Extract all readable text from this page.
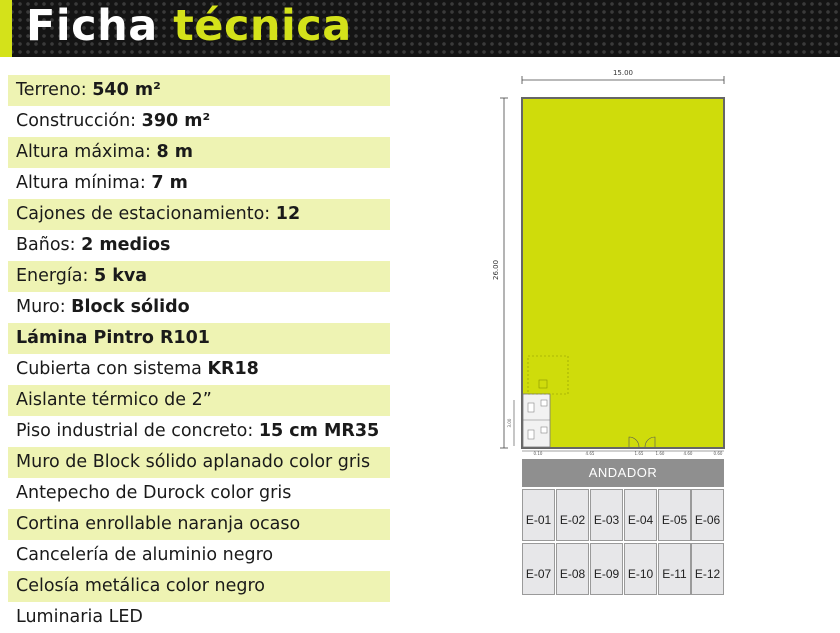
Ficha técnica
Terreno: 540 m²
Construcción: 390 m²
Altura máxima: 8 m
Altura mínima: 7 m
Cajones de estacionamiento: 12
Baños: 2 medios
Energía: 5 kva
Muro: Block sólido
Lámina Pintro R101
Cubierta con sistema KR18
Aislante térmico de 2”
Piso industrial de concreto: 15 cm MR35
Muro de Block sólido aplanado color gris
Antepecho de Durock color gris
Cortina enrollable naranja ocaso
Cancelería de aluminio negro
Celosía metálica color negro
Luminaria LED
15.00
26.00
3.00
0.10	4.65	1.65	1.60	4.60	0.60
ANDADOR
E-01 E-02 E-03 E-04 E-05 E-06
E-07 E-08 E-09 E-10 E-11 E-12
